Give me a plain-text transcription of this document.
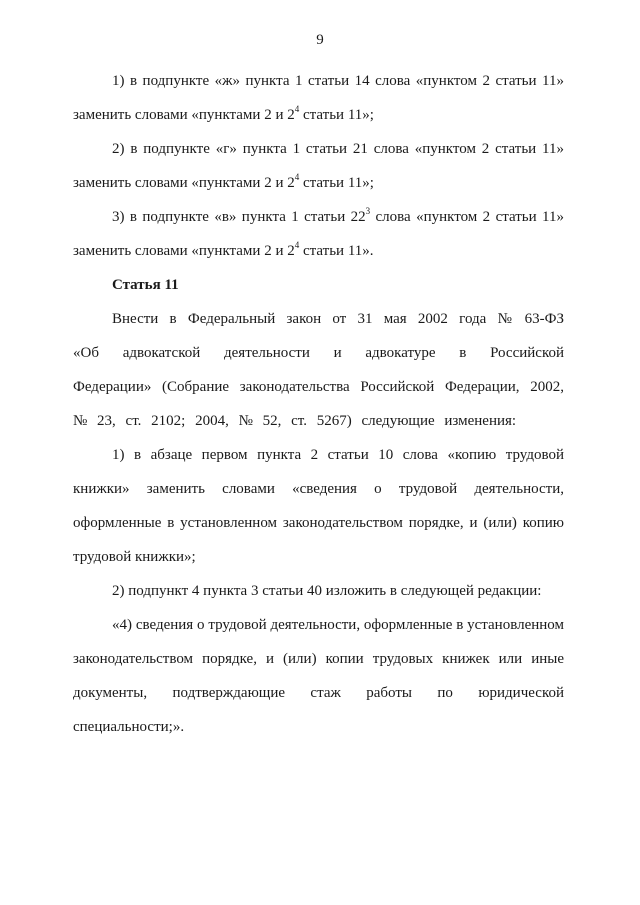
9

1) в подпункте «ж» пункта 1 статьи 14 слова «пунктом 2 статьи 11» заменить словами «пунктами 2 и $2^4$ статьи 11»;

2) в подпункте «г» пункта 1 статьи 21 слова «пунктом 2 статьи 11» заменить словами «пунктами 2 и $2^4$ статьи 11»;

3) в подпункте «в» пункта 1 статьи $22^3$ слова «пунктом 2 статьи 11» заменить словами «пунктами 2 и $2^4$ статьи 11».

Статья 11

Внести в Федеральный закон от 31 мая 2002 года № 63-ФЗ «Об адвокатской деятельности и адвокатуре в Российской Федерации» (Собрание законодательства Российской Федерации, 2002, № 23, ст. 2102; 2004, № 52, ст. 5267) следующие изменения:

1) в абзаце первом пункта 2 статьи 10 слова «копию трудовой книжки» заменить словами «сведения о трудовой деятельности, оформленные в установленном законодательством порядке, и (или) копию трудовой книжки»;

2) подпункт 4 пункта 3 статьи 40 изложить в следующей редакции:

«4) сведения о трудовой деятельности, оформленные в установленном законодательством порядке, и (или) копии трудовых книжек или иные документы, подтверждающие стаж работы по юридической специальности;».
